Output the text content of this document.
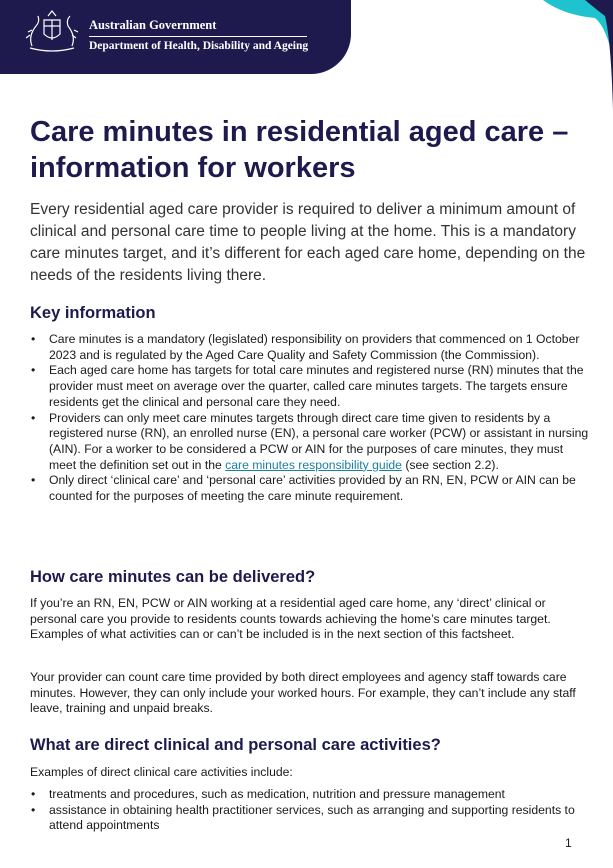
Australian Government
Department of Health, Disability and Ageing
Care minutes in residential aged care – information for workers

Every residential aged care provider is required to deliver a minimum amount of clinical and personal care time to people living at the home. This is a mandatory care minutes target, and it’s different for each aged care home, depending on the needs of the residents living there.

Key information
• Care minutes is a mandatory (legislated) responsibility on providers that commenced on 1 October 2023 and is regulated by the Aged Care Quality and Safety Commission (the Commission).
• Each aged care home has targets for total care minutes and registered nurse (RN) minutes that the provider must meet on average over the quarter, called care minutes targets. The targets ensure residents get the clinical and personal care they need.
• Providers can only meet care minutes targets through direct care time given to residents by a registered nurse (RN), an enrolled nurse (EN), a personal care worker (PCW) or assistant in nursing (AIN). For a worker to be considered a PCW or AIN for the purposes of care minutes, they must meet the definition set out in the care minutes responsibility guide (see section 2.2).
• Only direct ‘clinical care’ and ‘personal care’ activities provided by an RN, EN, PCW or AIN can be counted for the purposes of meeting the care minute requirement.
How care minutes can be delivered?

If you’re an RN, EN, PCW or AIN working at a residential aged care home, any ‘direct’ clinical or personal care you provide to residents counts towards achieving the home’s care minutes target. Examples of what activities can or can’t be included is in the next section of this factsheet.

Your provider can count care time provided by both direct employees and agency staff towards care minutes. However, they can only include your worked hours. For example, they can’t include any staff leave, training and unpaid breaks.

What are direct clinical and personal care activities?

Examples of direct clinical care activities include:

• treatments and procedures, such as medication, nutrition and pressure management
• assistance in obtaining health practitioner services, such as arranging and supporting residents to attend appointments
1
